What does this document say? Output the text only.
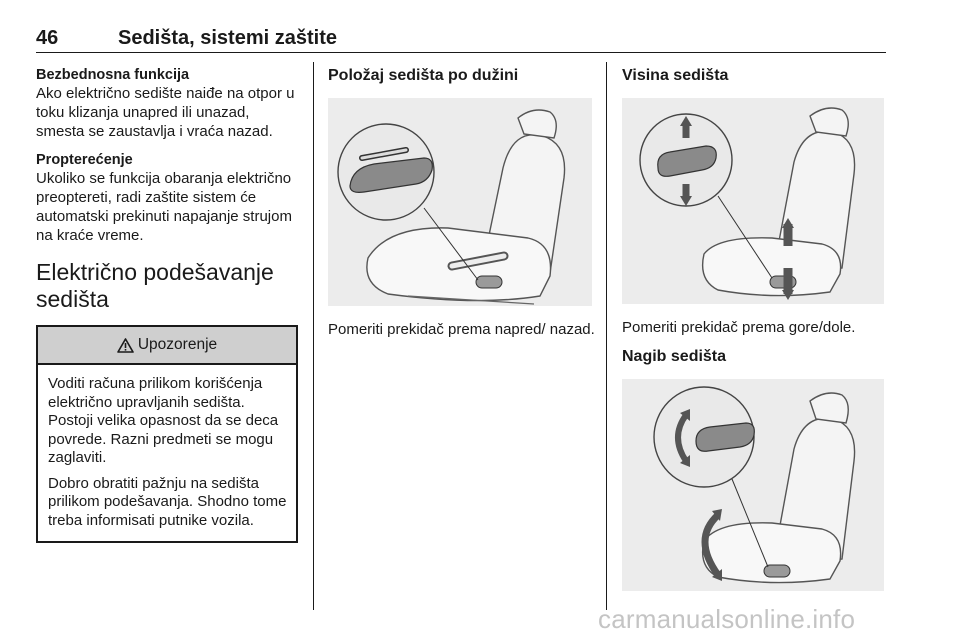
46	Sedišta, sistemi zaštite

Bezbednosna funkcija

Ako električno sedište naiđe na otpor u toku klizanja unapred ili unazad, smesta se zaustavlja i vraća nazad.

Propterećenje

Ukoliko se funkcija obaranja električno preoptereti, radi zaštite sistem će automatski prekinuti napajanje strujom na kraće vreme.

Električno podešavanje sedišta
Upozorenje

Voditi računa prilikom korišćenja električno upravljanih sedišta. Postoji velika opasnost da se deca povrede. Razni predmeti se mogu zaglaviti.

Dobro obratiti pažnju na sedišta prilikom podešavanja. Shodno tome treba informisati putnike vozila.

Položaj sedišta po dužini

Pomeriti prekidač prema napred/ nazad.

Visina sedišta

Pomeriti prekidač prema gore/dole.

Nagib sedišta

carmanualsonline.info
